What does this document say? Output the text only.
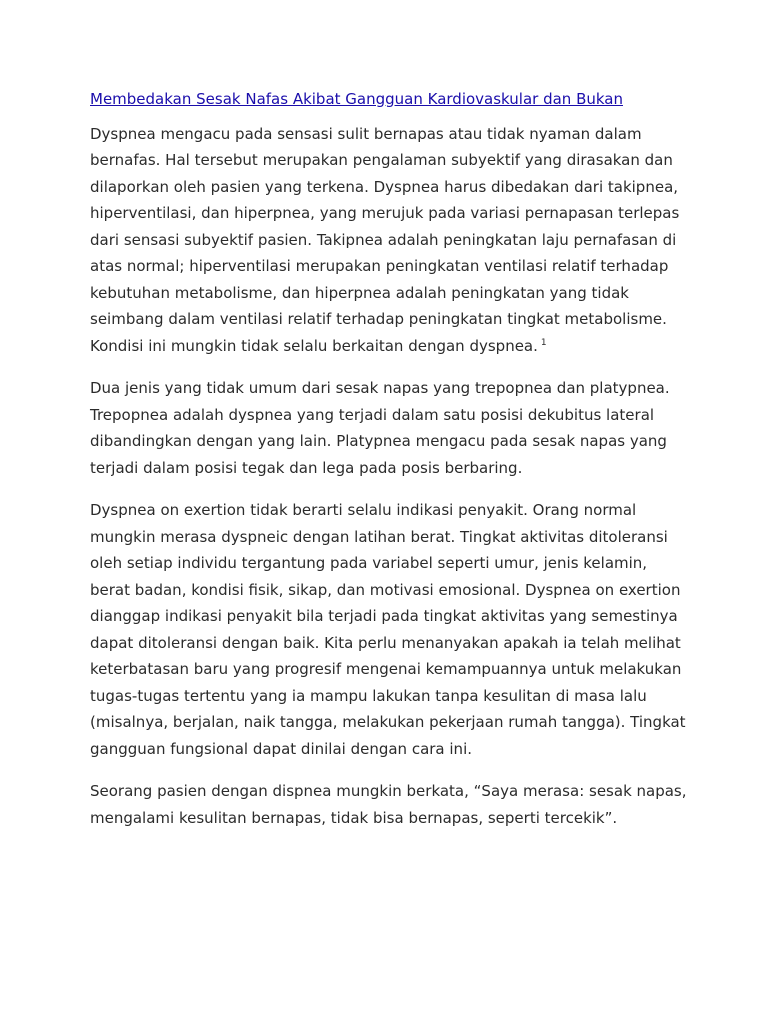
Membedakan Sesak Nafas Akibat Gangguan Kardiovaskular dan Bukan

Dyspnea mengacu pada sensasi sulit bernapas atau tidak nyaman dalam bernafas. Hal tersebut merupakan pengalaman subyektif yang dirasakan dan dilaporkan oleh pasien yang terkena. Dyspnea harus dibedakan dari takipnea, hiperventilasi, dan hiperpnea, yang merujuk pada variasi pernapasan terlepas dari sensasi subyektif pasien. Takipnea adalah peningkatan laju pernafasan di atas normal; hiperventilasi merupakan peningkatan ventilasi relatif terhadap kebutuhan metabolisme, dan hiperpnea adalah peningkatan yang tidak seimbang dalam ventilasi relatif terhadap peningkatan tingkat metabolisme. Kondisi ini mungkin tidak selalu berkaitan dengan dyspnea. $^1$

Dua jenis yang tidak umum dari sesak napas yang trepopnea dan platypnea. Trepopnea adalah dyspnea yang terjadi dalam satu posisi dekubitus lateral dibandingkan dengan yang lain. Platypnea mengacu pada sesak napas yang terjadi dalam posisi tegak dan lega pada posis berbaring.

Dyspnea on exertion tidak berarti selalu indikasi penyakit. Orang normal mungkin merasa dyspneic dengan latihan berat. Tingkat aktivitas ditoleransi oleh setiap individu tergantung pada variabel seperti umur, jenis kelamin, berat badan, kondisi fisik, sikap, dan motivasi emosional. Dyspnea on exertion dianggap indikasi penyakit bila terjadi pada tingkat aktivitas yang semestinya dapat ditoleransi dengan baik. Kita perlu menanyakan apakah ia telah melihat keterbatasan baru yang progresif mengenai kemampuannya untuk melakukan tugas-tugas tertentu yang ia mampu lakukan tanpa kesulitan di masa lalu (misalnya, berjalan, naik tangga, melakukan pekerjaan rumah tangga). Tingkat gangguan fungsional dapat dinilai dengan cara ini.

Seorang pasien dengan dispnea mungkin berkata, “Saya merasa: sesak napas, mengalami kesulitan bernapas, tidak bisa bernapas, seperti tercekik”.
